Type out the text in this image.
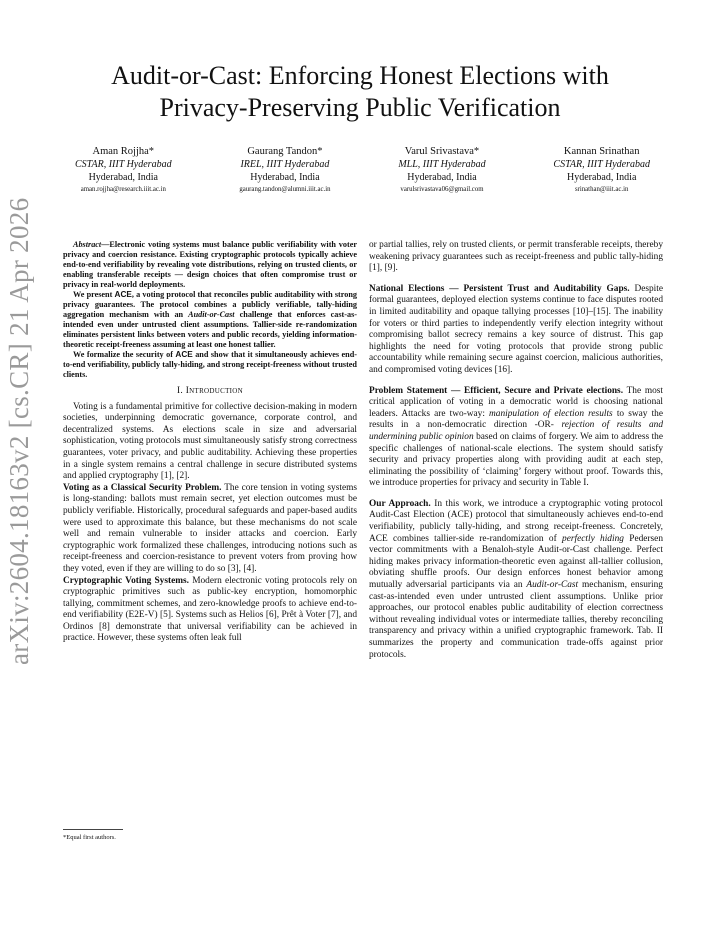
arXiv:2604.18163v2 [cs.CR] 21 Apr 2026
Audit-or-Cast: Enforcing Honest Elections with
Privacy-Preserving Public Verification
Aman Rojjha*
CSTAR, IIIT Hyderabad
Hyderabad, India
aman.rojjha@research.iiit.ac.in
Gaurang Tandon*
IREL, IIIT Hyderabad
Hyderabad, India
gaurang.tandon@alumni.iiit.ac.in
Varul Srivastava*
MLL, IIIT Hyderabad
Hyderabad, India
varulsrivastava06@gmail.com
Kannan Srinathan
CSTAR, IIIT Hyderabad
Hyderabad, India
srinathan@iiit.ac.in

Abstract—Electronic voting systems must balance public verifiability with voter privacy and coercion resistance. Existing cryptographic protocols typically achieve end-to-end verifiability by revealing vote distributions, relying on trusted clients, or enabling transferable receipts — design choices that often compromise trust or privacy in real-world deployments.

We present ACE, a voting protocol that reconciles public auditability with strong privacy guarantees. The protocol combines a publicly verifiable, tally-hiding aggregation mechanism with an Audit-or-Cast challenge that enforces cast-as-intended even under untrusted client assumptions. Tallier-side re-randomization eliminates persistent links between voters and public records, yielding information-theoretic receipt-freeness assuming at least one honest tallier.

We formalize the security of ACE and show that it simultaneously achieves end-to-end verifiability, publicly tally-hiding, and strong receipt-freeness without trusted clients.

I. Introduction

Voting is a fundamental primitive for collective decision-making in modern societies, underpinning democratic governance, corporate control, and decentralized systems. As elections scale in size and adversarial sophistication, voting protocols must simultaneously satisfy strong correctness guarantees, voter privacy, and public auditability. Achieving these properties in a single system remains a central challenge in secure distributed systems and applied cryptography [1], [2].

Voting as a Classical Security Problem. The core tension in voting systems is long-standing: ballots must remain secret, yet election outcomes must be publicly verifiable. Historically, procedural safeguards and paper-based audits were used to approximate this balance, but these mechanisms do not scale well and remain vulnerable to insider attacks and coercion. Early cryptographic work formalized these challenges, introducing notions such as receipt-freeness and coercion-resistance to prevent voters from proving how they voted, even if they are willing to do so [3], [4].

Cryptographic Voting Systems. Modern electronic voting protocols rely on cryptographic primitives such as public-key encryption, homomorphic tallying, commitment schemes, and zero-knowledge proofs to achieve end-to-end verifiability (E2E-V) [5]. Systems such as Helios [6], Prêt à Voter [7], and Ordinos [8] demonstrate that universal verifiability can be achieved in practice. However, these systems often leak full

or partial tallies, rely on trusted clients, or permit transferable receipts, thereby weakening privacy guarantees such as receipt-freeness and public tally-hiding [1], [9].

National Elections — Persistent Trust and Auditability Gaps. Despite formal guarantees, deployed election systems continue to face disputes rooted in limited auditability and opaque tallying processes [10]–[15]. The inability for voters or third parties to independently verify election integrity without compromising ballot secrecy remains a key source of distrust. This gap highlights the need for voting protocols that provide strong public accountability while remaining secure against coercion, malicious authorities, and compromised voting devices [16].

Problem Statement — Efficient, Secure and Private elections. The most critical application of voting in a democratic world is choosing national leaders. Attacks are two-way: manipulation of election results to sway the results in a non-democratic direction -OR- rejection of results and undermining public opinion based on claims of forgery. We aim to address the specific challenges of national-scale elections. The system should satisfy security and privacy properties along with providing audit at each step, eliminating the possibility of ‘claiming’ forgery without proof. Towards this, we introduce properties for privacy and security in Table I.

Our Approach. In this work, we introduce a cryptographic voting protocol Audit-Cast Election (ACE) protocol that simultaneously achieves end-to-end verifiability, publicly tally-hiding, and strong receipt-freeness. Concretely, ACE combines tallier-side re-randomization of perfectly hiding Pedersen vector commitments with a Benaloh-style Audit-or-Cast challenge. Perfect hiding makes privacy information-theoretic even against all-tallier collusion, obviating shuffle proofs. Our design enforces honest behavior among mutually adversarial participants via an Audit-or-Cast mechanism, ensuring cast-as-intended even under untrusted client assumptions. Unlike prior approaches, our protocol enables public auditability of election correctness without revealing individual votes or intermediate tallies, thereby reconciling transparency and privacy within a unified cryptographic framework. Tab. II summarizes the property and communication trade-offs against prior protocols.

*Equal first authors.
